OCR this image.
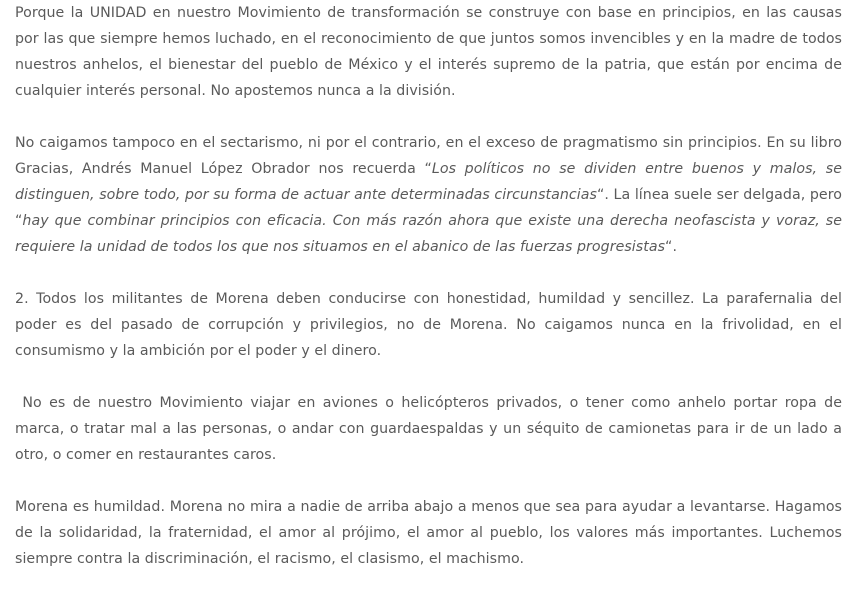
Porque la UNIDAD en nuestro Movimiento de transformación se construye con base en principios, en las causas por las que siempre hemos luchado, en el reconocimiento de que juntos somos invencibles y en la madre de todos nuestros anhelos, el bienestar del pueblo de México y el interés supremo de la patria, que están por encima de cualquier interés personal. No apostemos nunca a la división.

No caigamos tampoco en el sectarismo, ni por el contrario, en el exceso de pragmatismo sin principios. En su libro Gracias, Andrés Manuel López Obrador nos recuerda “Los políticos no se dividen entre buenos y malos, se distinguen, sobre todo, por su forma de actuar ante determinadas circunstancias“. La línea suele ser delgada, pero “hay que combinar principios con eficacia. Con más razón ahora que existe una derecha neofascista y voraz, se requiere la unidad de todos los que nos situamos en el abanico de las fuerzas progresistas“.

2. Todos los militantes de Morena deben conducirse con honestidad, humildad y sencillez. La parafernalia del poder es del pasado de corrupción y privilegios, no de Morena. No caigamos nunca en la frivolidad, en el consumismo y la ambición por el poder y el dinero.

No es de nuestro Movimiento viajar en aviones o helicópteros privados, o tener como anhelo portar ropa de marca, o tratar mal a las personas, o andar con guardaespaldas y un séquito de camionetas para ir de un lado a otro, o comer en restaurantes caros.

Morena es humildad. Morena no mira a nadie de arriba abajo a menos que sea para ayudar a levantarse. Hagamos de la solidaridad, la fraternidad, el amor al prójimo, el amor al pueblo, los valores más importantes. Luchemos siempre contra la discriminación, el racismo, el clasismo, el machismo.
